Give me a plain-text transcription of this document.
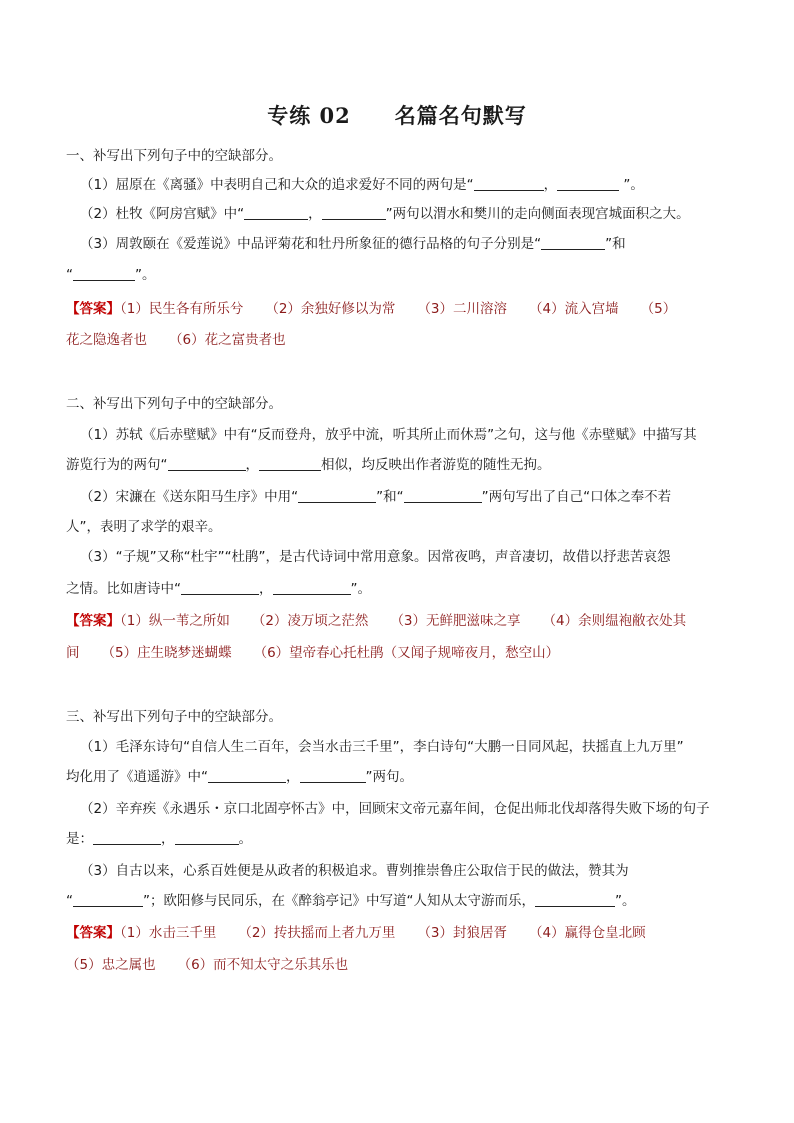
专练 02　　名篇名句默写
一、补写出下列句子中的空缺部分。
（1）屈原在《离骚》中表明自己和大众的追求爱好不同的两句是“	，	”。
（2）杜牧《阿房宫赋》中“	，	”两句以渭水和樊川的走向侧面表现宫城面积之大。
（3）周敦颐在《爱莲说》中品评菊花和牡丹所象征的德行品格的句子分别是“	”和
“	”。
【答案】（1）民生各有所乐兮 （2）余独好修以为常 （3）二川溶溶 （4）流入宫墙 （5）
花之隐逸者也 （6）花之富贵者也
二、补写出下列句子中的空缺部分。
（1）苏轼《后赤壁赋》中有“反而登舟，放乎中流，听其所止而休焉”之句，这与他《赤壁赋》中描写其
游览行为的两句“	，	相似，均反映出作者游览的随性无拘。
（2）宋濂在《送东阳马生序》中用“	”和“	”两句写出了自己“口体之奉不若
人”，表明了求学的艰辛。
（3）“子规”又称“杜宇”“杜鹃”，是古代诗词中常用意象。因常夜鸣，声音凄切，故借以抒悲苦哀怨
之情。比如唐诗中“	，	”。
【答案】（1）纵一苇之所如 （2）凌万顷之茫然 （3）无鲜肥滋味之享 （4）余则缊袍敝衣处其
间 （5）庄生晓梦迷蝴蝶 （6）望帝春心托杜鹃（又闻子规啼夜月，愁空山）
三、补写出下列句子中的空缺部分。
（1）毛泽东诗句“自信人生二百年，会当水击三千里”，李白诗句“大鹏一日同风起，扶摇直上九万里”
均化用了《逍遥游》中“	，	”两句。
（2）辛弃疾《永遇乐・京口北固亭怀古》中，回顾宋文帝元嘉年间，仓促出师北伐却落得失败下场的句子
是：	，	。
（3）自古以来，心系百姓便是从政者的积极追求。曹刿推崇鲁庄公取信于民的做法，赞其为
“	”；欧阳修与民同乐，在《醉翁亭记》中写道“人知从太守游而乐，	”。
【答案】（1）水击三千里 （2）抟扶摇而上者九万里 （3）封狼居胥 （4）赢得仓皇北顾
（5）忠之属也 （6）而不知太守之乐其乐也
